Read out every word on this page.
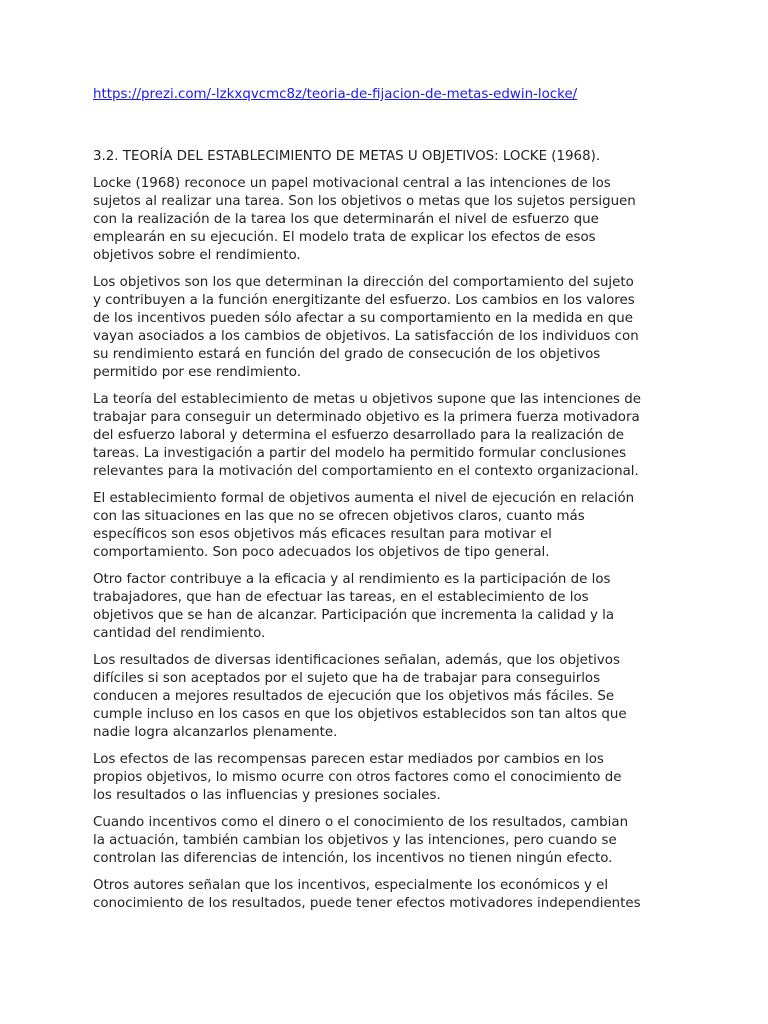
https://prezi.com/-lzkxqvcmc8z/teoria-de-fijacion-de-metas-edwin-locke/
3.2. TEORÍA DEL ESTABLECIMIENTO DE METAS U OBJETIVOS: LOCKE (1968).

Locke (1968) reconoce un papel motivacional central a las intenciones de los
sujetos al realizar una tarea. Son los objetivos o metas que los sujetos persiguen
con la realización de la tarea los que determinarán el nivel de esfuerzo que
emplearán en su ejecución. El modelo trata de explicar los efectos de esos
objetivos sobre el rendimiento.

Los objetivos son los que determinan la dirección del comportamiento del sujeto
y contribuyen a la función energitizante del esfuerzo. Los cambios en los valores
de los incentivos pueden sólo afectar a su comportamiento en la medida en que
vayan asociados a los cambios de objetivos. La satisfacción de los individuos con
su rendimiento estará en función del grado de consecución de los objetivos
permitido por ese rendimiento.

La teoría del establecimiento de metas u objetivos supone que las intenciones de
trabajar para conseguir un determinado objetivo es la primera fuerza motivadora
del esfuerzo laboral y determina el esfuerzo desarrollado para la realización de
tareas. La investigación a partir del modelo ha permitido formular conclusiones
relevantes para la motivación del comportamiento en el contexto organizacional.

El establecimiento formal de objetivos aumenta el nivel de ejecución en relación
con las situaciones en las que no se ofrecen objetivos claros, cuanto más
específicos son esos objetivos más eficaces resultan para motivar el
comportamiento. Son poco adecuados los objetivos de tipo general.

Otro factor contribuye a la eficacia y al rendimiento es la participación de los
trabajadores, que han de efectuar las tareas, en el establecimiento de los
objetivos que se han de alcanzar. Participación que incrementa la calidad y la
cantidad del rendimiento.

Los resultados de diversas identificaciones señalan, además, que los objetivos
difíciles si son aceptados por el sujeto que ha de trabajar para conseguirlos
conducen a mejores resultados de ejecución que los objetivos más fáciles. Se
cumple incluso en los casos en que los objetivos establecidos son tan altos que
nadie logra alcanzarlos plenamente.

Los efectos de las recompensas parecen estar mediados por cambios en los
propios objetivos, lo mismo ocurre con otros factores como el conocimiento de
los resultados o las influencias y presiones sociales.

Cuando incentivos como el dinero o el conocimiento de los resultados, cambian
la actuación, también cambian los objetivos y las intenciones, pero cuando se
controlan las diferencias de intención, los incentivos no tienen ningún efecto.

Otros autores señalan que los incentivos, especialmente los económicos y el
conocimiento de los resultados, puede tener efectos motivadores independientes
